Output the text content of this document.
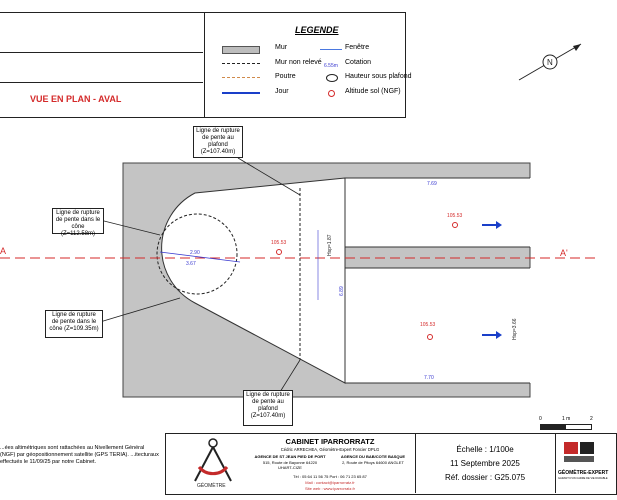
VUE EN PLAN - AVAL
LEGENDE
Mur
Mur non relevé
Poutre
Jour
Fenêtre
6.55m Cotation
Hauteur sous plafond
Altitude sol (NGF)
N
A	A'
7.69
7.70
2.90
3.67
Hsp=1.87
6.89
Hsp=3.66
105.53
105.53
105.53
Ligne de rupture de pente au plafond (Z=107.40m)
Ligne de rupture de pente dans le cône (Z=112.58m)
Ligne de rupture de pente dans le cône (Z=109.35m)
Ligne de rupture de pente au plafond (Z=107.40m)
...ées altimétriques sont rattachées au Nivellement Général (NGF) par géopositionnement satellite (GPS TERIA). ...itecturaux effectués le 11/09/25 par notre Cabinet.
0	1 m	2
GÉOMÈTRE
CABINET IPARRORRATZ
Cédric ARRECHEA, Géomètre-Expert Foncier DPLG
AGENCE DE ST JEAN PIED DE PORT
515, Route de Bayonne 64220 UHART-CIZE
AGENCE DU BAB/COTE BASQUE
2, Route de Pitoys 64600 ANGLET
Tél : 05 64 11 56 75 Port : 06 71 23 65 87
Mail : contact@iparrorratz.fr
Site web : www.iparrorratz.fr
Échelle : 1/100e
11 Septembre 2025
Réf. dossier : G25.075	GÉOMÈTRE-EXPERT
GARANT D'UN CADRE DE VIE DURABLE
